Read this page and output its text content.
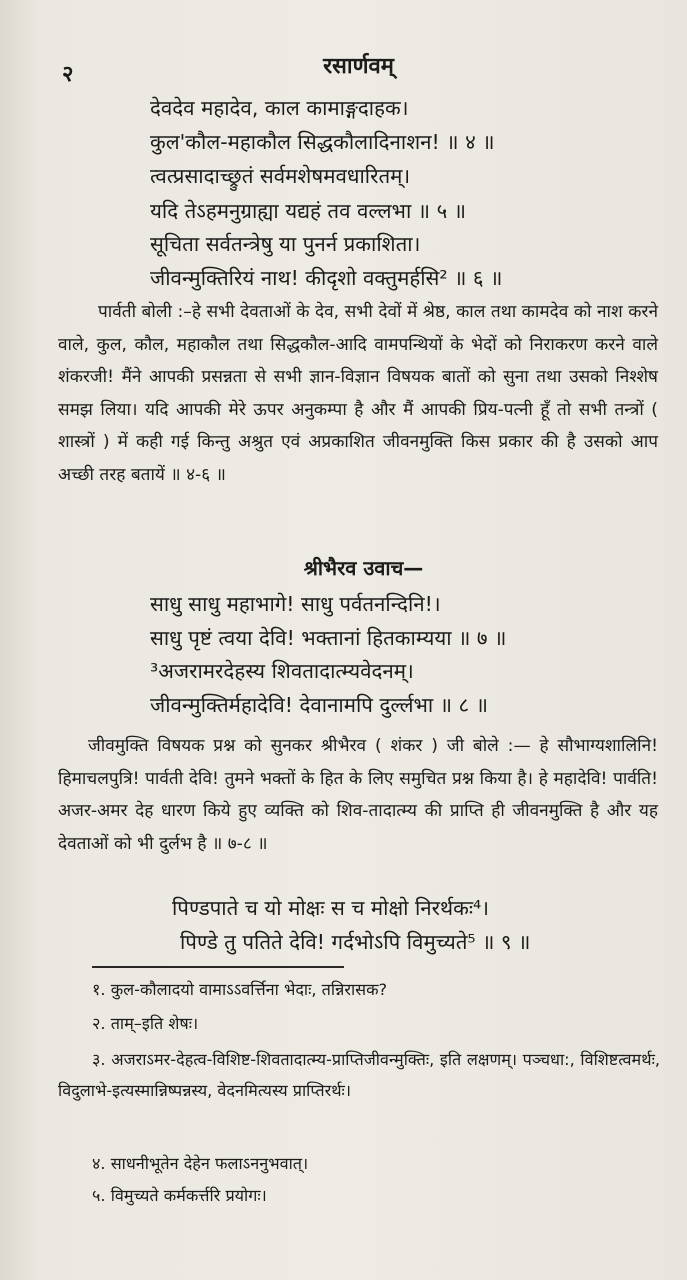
२	रसार्णवम्
देवदेव महादेव, काल कामाङ्गदाहक।
कुल'कौल-महाकौल सिद्धकौलादिनाशन! ॥ ४ ॥
त्वत्प्रसादाच्छ्रुतं सर्वमशेषमवधारितम्।
यदि तेऽहमनुग्राह्या यद्यहं तव वल्लभा ॥ ५ ॥
सूचिता सर्वतन्त्रेषु या पुनर्न प्रकाशिता।
जीवन्मुक्तिरियं नाथ! कीदृशो वक्तुमर्हसि² ॥ ६ ॥
पार्वती बोली :–हे सभी देवताओं के देव, सभी देवों में श्रेष्ठ, काल तथा कामदेव को नाश करने वाले, कुल, कौल, महाकौल तथा सिद्धकौल-आदि वामपन्थियों के भेदों को निराकरण करने वाले शंकरजी! मैंने आपकी प्रसन्नता से सभी ज्ञान-विज्ञान विषयक बातों को सुना तथा उसको निश्शेष समझ लिया। यदि आपकी मेरे ऊपर अनुकम्पा है और मैं आपकी प्रिय-पत्नी हूँ तो सभी तन्त्रों ( शास्त्रों ) में कही गई किन्तु अश्रुत एवं अप्रकाशित जीवनमुक्ति किस प्रकार की है उसको आप अच्छी तरह बतायें ॥ ४-६ ॥
श्रीभैरव उवाच—
साधु साधु महाभागे! साधु पर्वतनन्दिनि!।
साधु पृष्टं त्वया देवि! भक्तानां हितकाम्यया ॥ ७ ॥
³अजरामरदेहस्य शिवतादात्म्यवेदनम्।
जीवन्मुक्तिर्महादेवि! देवानामपि दुर्ल्लभा ॥ ८ ॥
जीवमुक्ति विषयक प्रश्न को सुनकर श्रीभैरव ( शंकर ) जी बोले :— हे सौभाग्यशालिनि! हिमाचलपुत्रि! पार्वती देवि! तुमने भक्तों के हित के लिए समुचित प्रश्न किया है। हे महादेवि! पार्वति! अजर-अमर देह धारण किये हुए व्यक्ति को शिव-तादात्म्य की प्राप्ति ही जीवनमुक्ति है और यह देवताओं को भी दुर्लभ है ॥ ७-८ ॥
पिण्डपाते च यो मोक्षः स च मोक्षो निरर्थकः⁴।
पिण्डे तु पतिते देवि! गर्दभोऽपि विमुच्यते⁵ ॥ ९ ॥
१. कुल-कौलादयो वामाऽऽवर्त्तिना भेदाः, तन्निरासक?
२. ताम्–इति शेषः।
३. अजराऽमर-देहत्व-विशिष्ट-शिवतादात्म्य-प्राप्तिजीवन्मुक्तिः, इति लक्षणम्। पञ्चधा:, विशिष्टत्वमर्थः, विदुलाभे-इत्यस्मान्निष्पन्नस्य, वेदनमित्यस्य प्राप्तिरर्थः।
४. साधनीभूतेन देहेन फलाऽननुभवात्।
५. विमुच्यते कर्मकर्त्तरि प्रयोगः।
